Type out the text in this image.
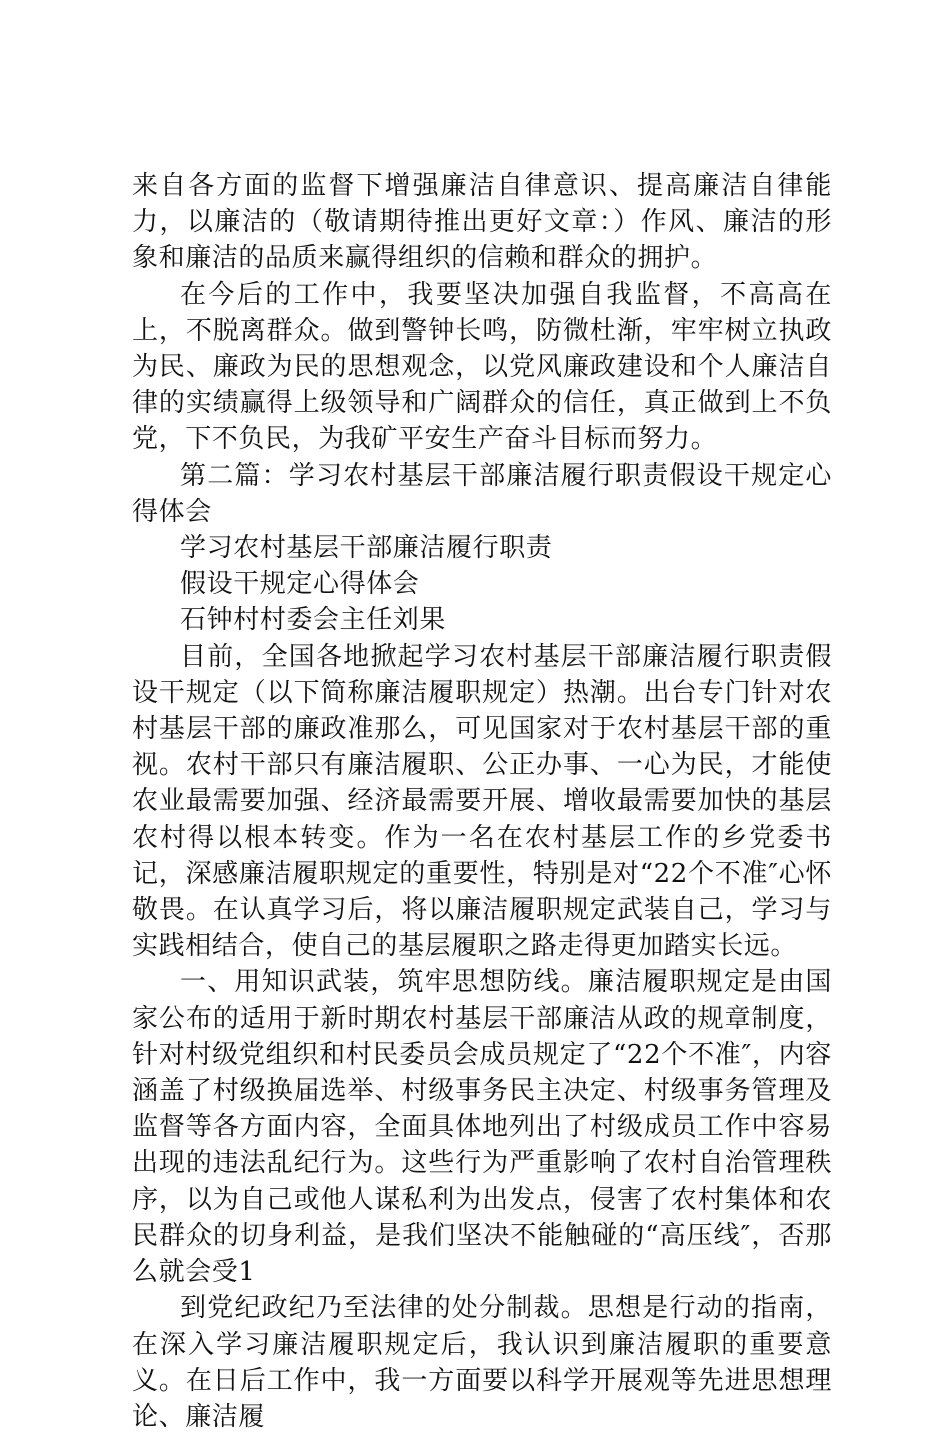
来自各方面的监督下增强廉洁自律意识、提高廉洁自律能力，以廉洁的（敬请期待推出更好文章：）作风、廉洁的形象和廉洁的品质来赢得组织的信赖和群众的拥护。

在今后的工作中，我要坚决加强自我监督，不高高在上，不脱离群众。做到警钟长鸣，防微杜渐，牢牢树立执政为民、廉政为民的思想观念，以党风廉政建设和个人廉洁自律的实绩赢得上级领导和广阔群众的信任，真正做到上不负党，下不负民，为我矿平安生产奋斗目标而努力。

第二篇：学习农村基层干部廉洁履行职责假设干规定心得体会

学习农村基层干部廉洁履行职责

假设干规定心得体会

石钟村村委会主任刘果

目前，全国各地掀起学习农村基层干部廉洁履行职责假设干规定（以下简称廉洁履职规定）热潮。出台专门针对农村基层干部的廉政准那么，可见国家对于农村基层干部的重视。农村干部只有廉洁履职、公正办事、一心为民，才能使农业最需要加强、经济最需要开展、增收最需要加快的基层农村得以根本转变。作为一名在农村基层工作的乡党委书记，深感廉洁履职规定的重要性，特别是对“22个不准″心怀敬畏。在认真学习后，将以廉洁履职规定武装自己，学习与实践相结合，使自己的基层履职之路走得更加踏实长远。

一、用知识武装，筑牢思想防线。廉洁履职规定是由国家公布的适用于新时期农村基层干部廉洁从政的规章制度，针对村级党组织和村民委员会成员规定了“22个不准″，内容涵盖了村级换届选举、村级事务民主决定、村级事务管理及监督等各方面内容，全面具体地列出了村级成员工作中容易出现的违法乱纪行为。这些行为严重影响了农村自治管理秩序，以为自己或他人谋私利为出发点，侵害了农村集体和农民群众的切身利益，是我们坚决不能触碰的“高压线″，否那么就会受1

到党纪政纪乃至法律的处分制裁。思想是行动的指南，在深入学习廉洁履职规定后，我认识到廉洁履职的重要意义。在日后工作中，我一方面要以科学开展观等先进思想理论、廉洁履
